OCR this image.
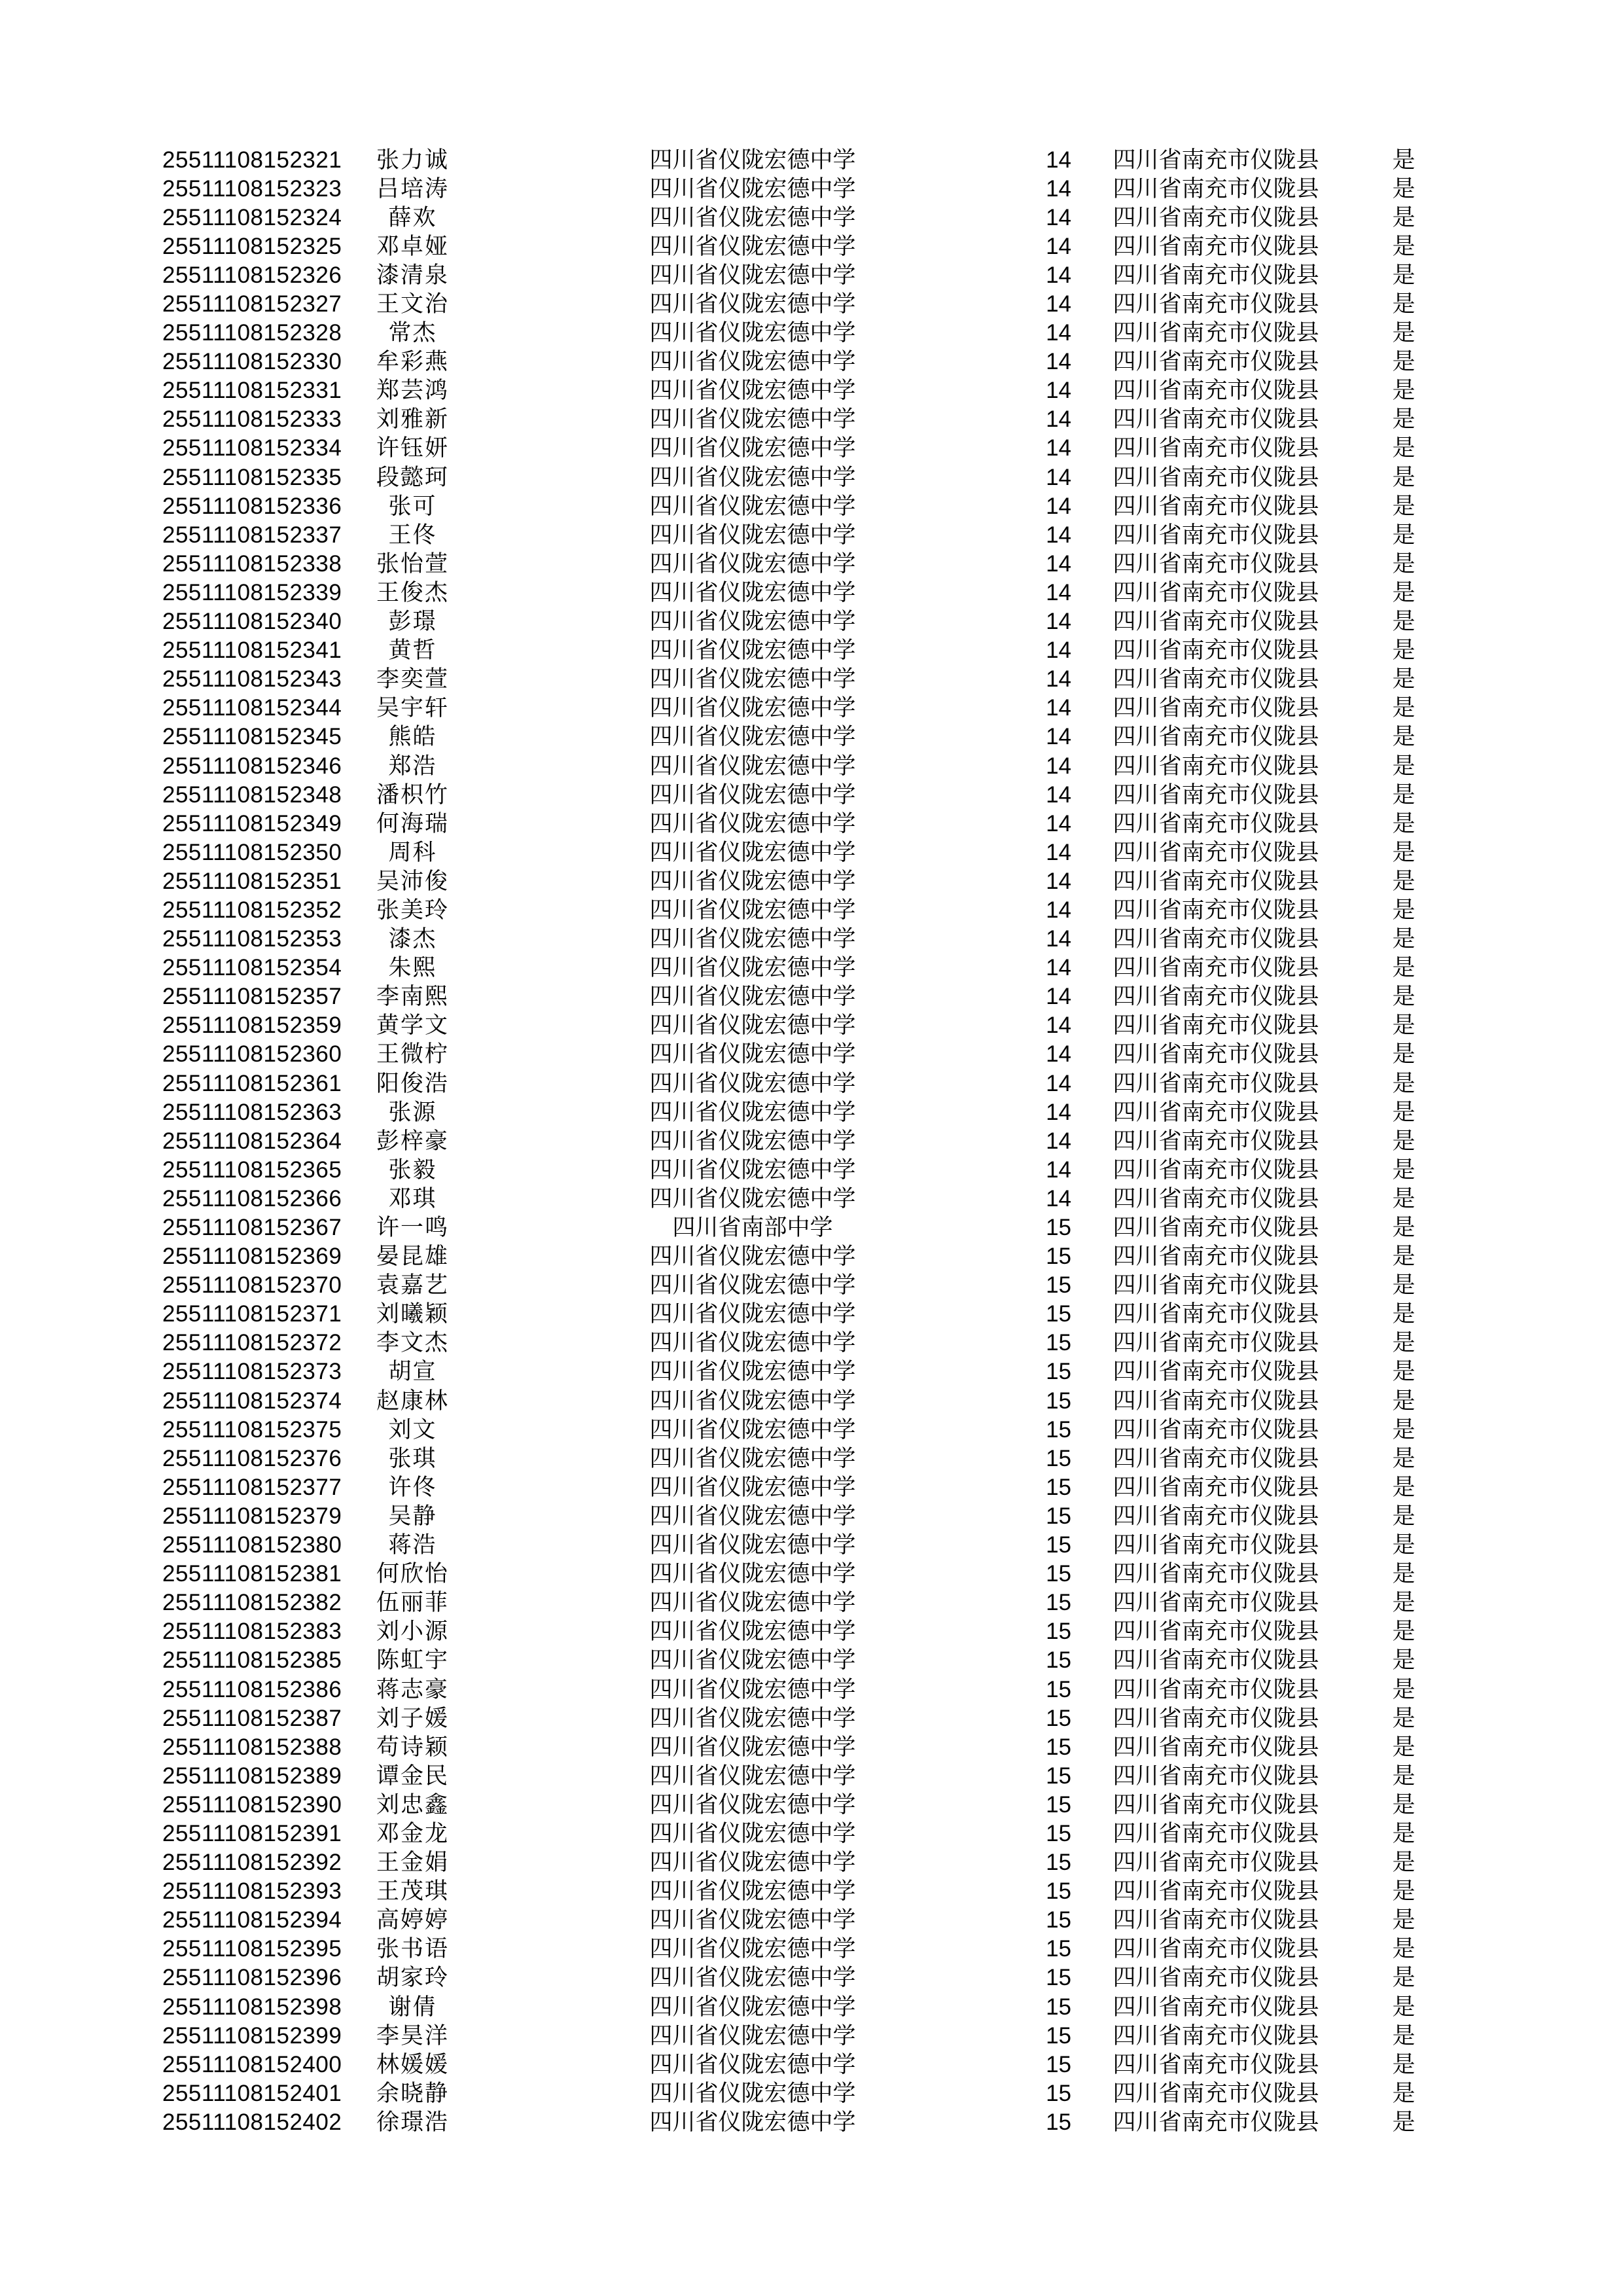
25511108152321	张力诚	四川省仪陇宏德中学	14	四川省南充市仪陇县	是
25511108152323	吕培涛	四川省仪陇宏德中学	14	四川省南充市仪陇县	是
25511108152324	薛欢	四川省仪陇宏德中学	14	四川省南充市仪陇县	是
25511108152325	邓卓娅	四川省仪陇宏德中学	14	四川省南充市仪陇县	是
25511108152326	漆清泉	四川省仪陇宏德中学	14	四川省南充市仪陇县	是
25511108152327	王文治	四川省仪陇宏德中学	14	四川省南充市仪陇县	是
25511108152328	常杰	四川省仪陇宏德中学	14	四川省南充市仪陇县	是
25511108152330	牟彩燕	四川省仪陇宏德中学	14	四川省南充市仪陇县	是
25511108152331	郑芸鸿	四川省仪陇宏德中学	14	四川省南充市仪陇县	是
25511108152333	刘雅新	四川省仪陇宏德中学	14	四川省南充市仪陇县	是
25511108152334	许钰妍	四川省仪陇宏德中学	14	四川省南充市仪陇县	是
25511108152335	段懿珂	四川省仪陇宏德中学	14	四川省南充市仪陇县	是
25511108152336	张可	四川省仪陇宏德中学	14	四川省南充市仪陇县	是
25511108152337	王佟	四川省仪陇宏德中学	14	四川省南充市仪陇县	是
25511108152338	张怡萱	四川省仪陇宏德中学	14	四川省南充市仪陇县	是
25511108152339	王俊杰	四川省仪陇宏德中学	14	四川省南充市仪陇县	是
25511108152340	彭璟	四川省仪陇宏德中学	14	四川省南充市仪陇县	是
25511108152341	黄哲	四川省仪陇宏德中学	14	四川省南充市仪陇县	是
25511108152343	李奕萱	四川省仪陇宏德中学	14	四川省南充市仪陇县	是
25511108152344	吴宇轩	四川省仪陇宏德中学	14	四川省南充市仪陇县	是
25511108152345	熊皓	四川省仪陇宏德中学	14	四川省南充市仪陇县	是
25511108152346	郑浩	四川省仪陇宏德中学	14	四川省南充市仪陇县	是
25511108152348	潘枳竹	四川省仪陇宏德中学	14	四川省南充市仪陇县	是
25511108152349	何海瑞	四川省仪陇宏德中学	14	四川省南充市仪陇县	是
25511108152350	周科	四川省仪陇宏德中学	14	四川省南充市仪陇县	是
25511108152351	吴沛俊	四川省仪陇宏德中学	14	四川省南充市仪陇县	是
25511108152352	张美玲	四川省仪陇宏德中学	14	四川省南充市仪陇县	是
25511108152353	漆杰	四川省仪陇宏德中学	14	四川省南充市仪陇县	是
25511108152354	朱熙	四川省仪陇宏德中学	14	四川省南充市仪陇县	是
25511108152357	李南熙	四川省仪陇宏德中学	14	四川省南充市仪陇县	是
25511108152359	黄学文	四川省仪陇宏德中学	14	四川省南充市仪陇县	是
25511108152360	王微柠	四川省仪陇宏德中学	14	四川省南充市仪陇县	是
25511108152361	阳俊浩	四川省仪陇宏德中学	14	四川省南充市仪陇县	是
25511108152363	张源	四川省仪陇宏德中学	14	四川省南充市仪陇县	是
25511108152364	彭梓豪	四川省仪陇宏德中学	14	四川省南充市仪陇县	是
25511108152365	张毅	四川省仪陇宏德中学	14	四川省南充市仪陇县	是
25511108152366	邓琪	四川省仪陇宏德中学	14	四川省南充市仪陇县	是
25511108152367	许一鸣	四川省南部中学	15	四川省南充市仪陇县	是
25511108152369	晏昆雄	四川省仪陇宏德中学	15	四川省南充市仪陇县	是
25511108152370	袁嘉艺	四川省仪陇宏德中学	15	四川省南充市仪陇县	是
25511108152371	刘曦颖	四川省仪陇宏德中学	15	四川省南充市仪陇县	是
25511108152372	李文杰	四川省仪陇宏德中学	15	四川省南充市仪陇县	是
25511108152373	胡宣	四川省仪陇宏德中学	15	四川省南充市仪陇县	是
25511108152374	赵康林	四川省仪陇宏德中学	15	四川省南充市仪陇县	是
25511108152375	刘文	四川省仪陇宏德中学	15	四川省南充市仪陇县	是
25511108152376	张琪	四川省仪陇宏德中学	15	四川省南充市仪陇县	是
25511108152377	许佟	四川省仪陇宏德中学	15	四川省南充市仪陇县	是
25511108152379	吴静	四川省仪陇宏德中学	15	四川省南充市仪陇县	是
25511108152380	蒋浩	四川省仪陇宏德中学	15	四川省南充市仪陇县	是
25511108152381	何欣怡	四川省仪陇宏德中学	15	四川省南充市仪陇县	是
25511108152382	伍丽菲	四川省仪陇宏德中学	15	四川省南充市仪陇县	是
25511108152383	刘小源	四川省仪陇宏德中学	15	四川省南充市仪陇县	是
25511108152385	陈虹宇	四川省仪陇宏德中学	15	四川省南充市仪陇县	是
25511108152386	蒋志豪	四川省仪陇宏德中学	15	四川省南充市仪陇县	是
25511108152387	刘子媛	四川省仪陇宏德中学	15	四川省南充市仪陇县	是
25511108152388	苟诗颖	四川省仪陇宏德中学	15	四川省南充市仪陇县	是
25511108152389	谭金民	四川省仪陇宏德中学	15	四川省南充市仪陇县	是
25511108152390	刘忠鑫	四川省仪陇宏德中学	15	四川省南充市仪陇县	是
25511108152391	邓金龙	四川省仪陇宏德中学	15	四川省南充市仪陇县	是
25511108152392	王金娟	四川省仪陇宏德中学	15	四川省南充市仪陇县	是
25511108152393	王茂琪	四川省仪陇宏德中学	15	四川省南充市仪陇县	是
25511108152394	高婷婷	四川省仪陇宏德中学	15	四川省南充市仪陇县	是
25511108152395	张书语	四川省仪陇宏德中学	15	四川省南充市仪陇县	是
25511108152396	胡家玲	四川省仪陇宏德中学	15	四川省南充市仪陇县	是
25511108152398	谢倩	四川省仪陇宏德中学	15	四川省南充市仪陇县	是
25511108152399	李昊洋	四川省仪陇宏德中学	15	四川省南充市仪陇县	是
25511108152400	林媛媛	四川省仪陇宏德中学	15	四川省南充市仪陇县	是
25511108152401	余晓静	四川省仪陇宏德中学	15	四川省南充市仪陇县	是
25511108152402	徐璟浩	四川省仪陇宏德中学	15	四川省南充市仪陇县	是
